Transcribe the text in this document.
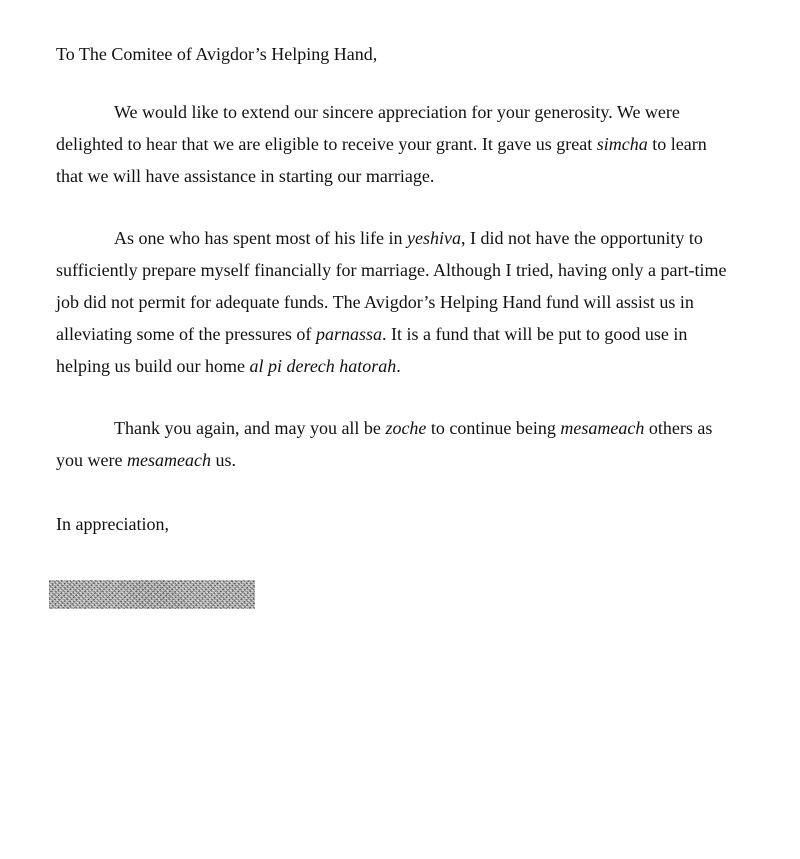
To The Comitee of Avigdor’s Helping Hand,

We would like to extend our sincere appreciation for your generosity. We were delighted to hear that we are eligible to receive your grant. It gave us great simcha to learn that we will have assistance in starting our marriage.

As one who has spent most of his life in yeshiva, I did not have the opportunity to sufficiently prepare myself financially for marriage. Although I tried, having only a part-time job did not permit for adequate funds. The Avigdor’s Helping Hand fund will assist us in alleviating some of the pressures of parnassa. It is a fund that will be put to good use in helping us build our home al pi derech hatorah.

Thank you again, and may you all be zoche to continue being mesameach others as you were mesameach us.

In appreciation,
